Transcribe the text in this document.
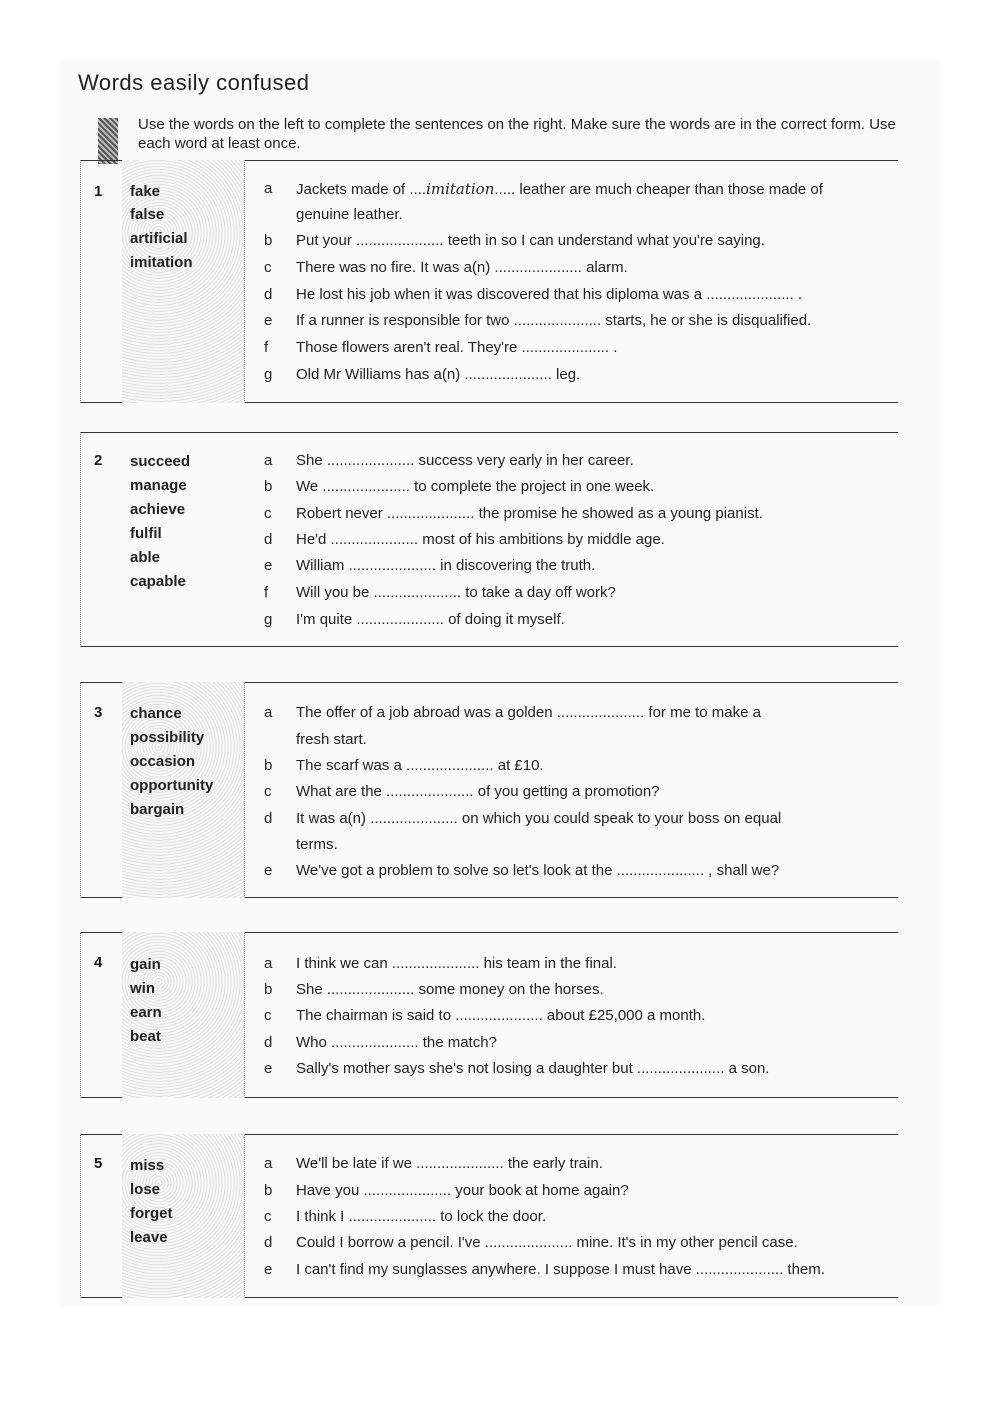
Words easily confused
Use the words on the left to complete the sentences on the right. Make sure the words are in the correct form. Use each word at least once.
1 fake
false
artificial
imitation
a Jackets made of ....imitation..... leather are much cheaper than those made of
genuine leather.
b Put your ..................... teeth in so I can understand what you're saying.
c There was no fire. It was a(n) ..................... alarm.
d He lost his job when it was discovered that his diploma was a ..................... .
e If a runner is responsible for two ..................... starts, he or she is disqualified.
f Those flowers aren't real. They're ..................... .
g Old Mr Williams has a(n) ..................... leg.
2 succeed
manage
achieve
fulfil
able
capable
a She ..................... success very early in her career.
b We ..................... to complete the project in one week.
c Robert never ..................... the promise he showed as a young pianist.
d He'd ..................... most of his ambitions by middle age.
e William ..................... in discovering the truth.
f Will you be ..................... to take a day off work?
g I'm quite ..................... of doing it myself.
3 chance
possibility
occasion
opportunity
bargain
a The offer of a job abroad was a golden ..................... for me to make a
fresh start.
b The scarf was a ..................... at £10.
c What are the ..................... of you getting a promotion?
d It was a(n) ..................... on which you could speak to your boss on equal
terms.
e We've got a problem to solve so let's look at the ..................... , shall we?
4 gain
win
earn
beat
a I think we can ..................... his team in the final.
b She ..................... some money on the horses.
c The chairman is said to ..................... about £25,000 a month.
d Who ..................... the match?
e Sally's mother says she's not losing a daughter but ..................... a son.
5 miss
lose
forget
leave
a We'll be late if we ..................... the early train.
b Have you ..................... your book at home again?
c I think I ..................... to lock the door.
d Could I borrow a pencil. I've ..................... mine. It's in my other pencil case.
e I can't find my sunglasses anywhere. I suppose I must have ..................... them.
